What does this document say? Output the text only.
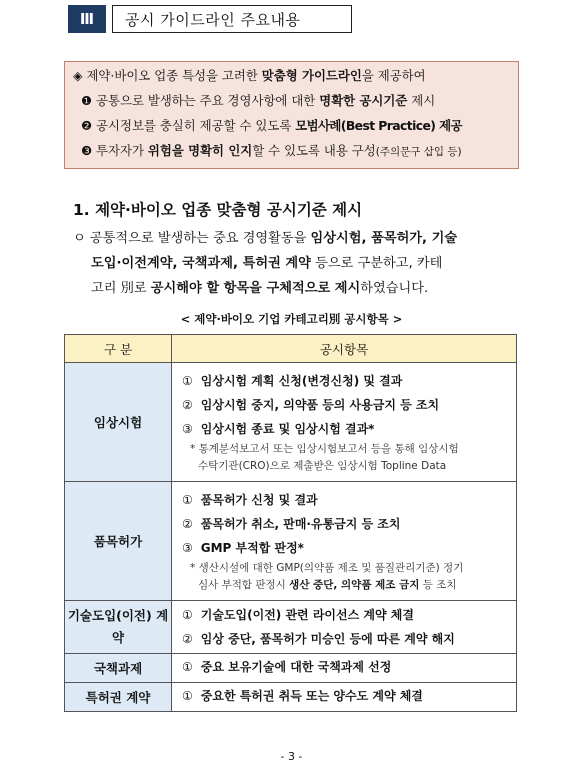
Ⅲ	공시 가이드라인 주요내용
◈ 제약·바이오 업종 특성을 고려한 맞춤형 가이드라인을 제공하여
❶ 공통으로 발생하는 주요 경영사항에 대한 명확한 공시기준 제시
❷ 공시정보를 충실히 제공할 수 있도록 모범사례(Best Practice) 제공
❸ 투자자가 위험을 명확히 인지할 수 있도록 내용 구성(주의문구 삽입 등)
1. 제약·바이오 업종 맞춤형 공시기준 제시
ㅇ 공통적으로 발생하는 중요 경영활동을 임상시험, 품목허가, 기술
도입·이전계약, 국책과제, 특허권 계약 등으로 구분하고, 카테
고리 別로 공시해야 할 항목을 구체적으로 제시하였습니다.
< 제약·바이오 기업 카테고리別 공시항목 >
구 분	공시항목
임상시험	① 임상시험 계획 신청(변경신청) 및 결과
② 임상시험 중지, 의약품 등의 사용금지 등 조치
③ 임상시험 종료 및 임상시험 결과*
* 통계분석보고서 또는 임상시험보고서 등을 통해 임상시험
수탁기관(CRO)으로 제출받은 임상시험 Topline Data

품목허가	① 품목허가 신청 및 결과
② 품목허가 취소, 판매·유통금지 등 조치
③ GMP 부적합 판정*
* 생산시설에 대한 GMP(의약품 제조 및 품질관리기준) 정기
심사 부적합 판정시 생산 중단, 의약품 제조 금지 등 조치

기술도입(이전) 계약	① 기술도입(이전) 관련 라이선스 계약 체결
② 임상 중단, 품목허가 미승인 등에 따른 계약 해지

국책과제	① 중요 보유기술에 대한 국책과제 선정

특허권 계약	① 중요한 특허권 취득 또는 양수도 계약 체결
- 3 -
